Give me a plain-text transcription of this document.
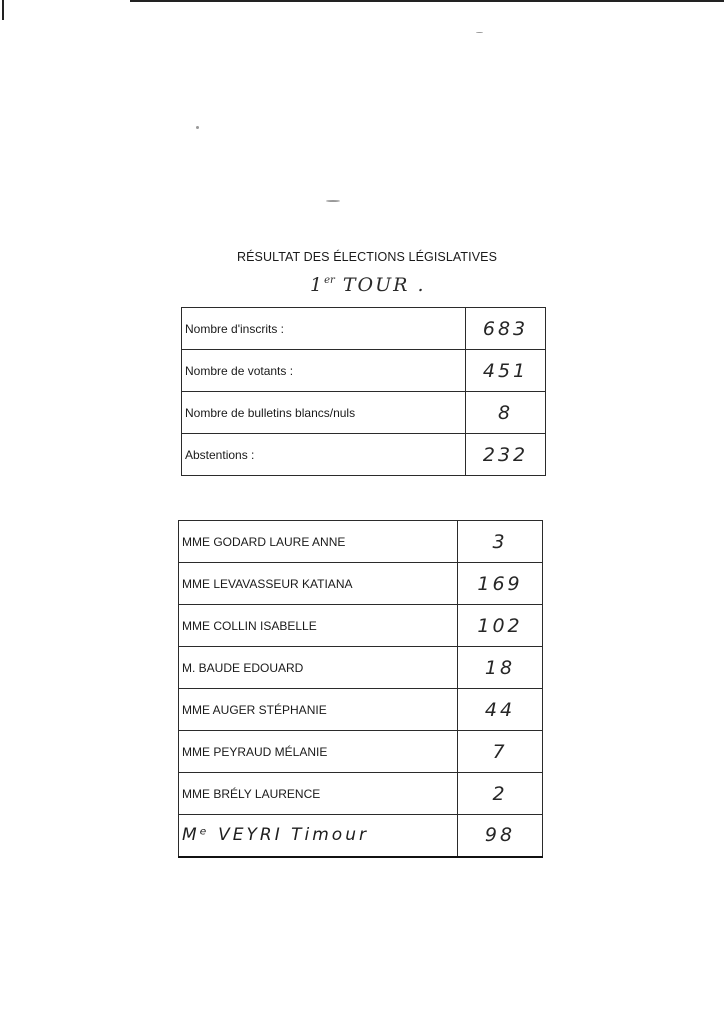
RÉSULTAT DES ÉLECTIONS LÉGISLATIVES
1er TOUR .
Nombre d'inscrits :	683
Nombre de votants :	451
Nombre de bulletins blancs/nuls	8
Abstentions :	232
MME GODARD LAURE ANNE	3
MME LEVAVASSEUR KATIANA	169
MME COLLIN ISABELLE	102
M. BAUDE EDOUARD	18
MME AUGER STÉPHANIE	44
MME PEYRAUD MÉLANIE	7
MME BRÉLY LAURENCE	2
Mᵉ VEYRI Timour	98
